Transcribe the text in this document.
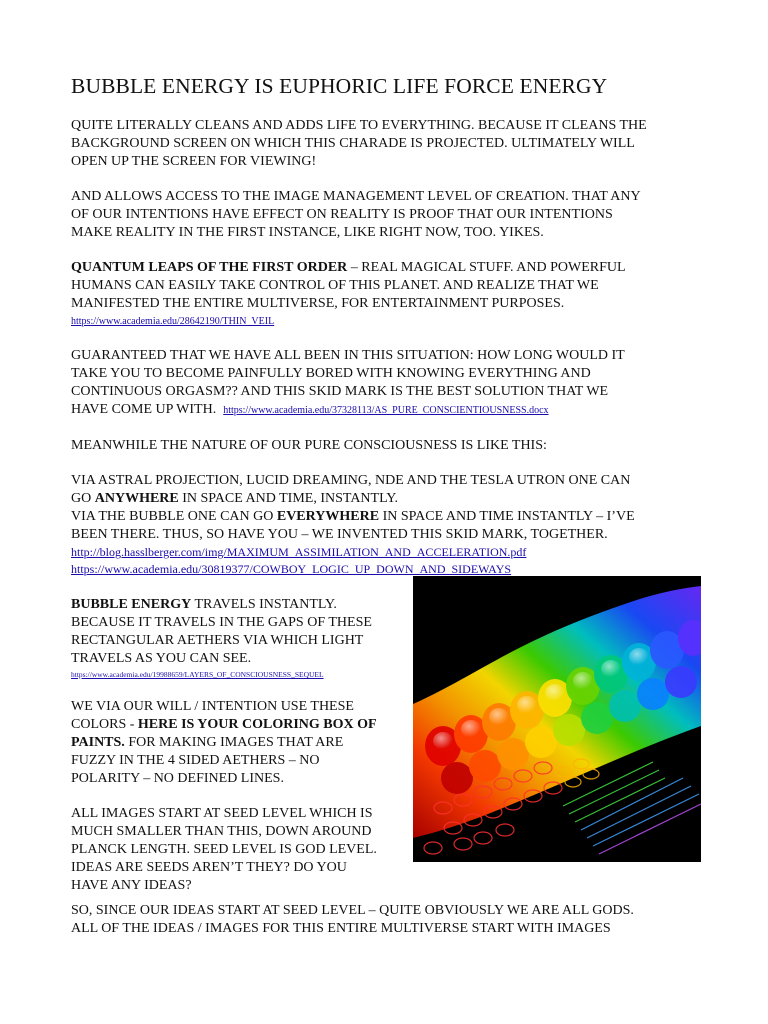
BUBBLE ENERGY IS EUPHORIC LIFE FORCE ENERGY

QUITE LITERALLY CLEANS AND ADDS LIFE TO EVERYTHING. BECAUSE IT CLEANS THE
BACKGROUND SCREEN ON WHICH THIS CHARADE IS PROJECTED. ULTIMATELY WILL
OPEN UP THE SCREEN FOR VIEWING!

AND ALLOWS ACCESS TO THE IMAGE MANAGEMENT LEVEL OF CREATION. THAT ANY
OF OUR INTENTIONS HAVE EFFECT ON REALITY IS PROOF THAT OUR INTENTIONS
MAKE REALITY IN THE FIRST INSTANCE, LIKE RIGHT NOW, TOO. YIKES.

QUANTUM LEAPS OF THE FIRST ORDER – REAL MAGICAL STUFF. AND POWERFUL
HUMANS CAN EASILY TAKE CONTROL OF THIS PLANET. AND REALIZE THAT WE
MANIFESTED THE ENTIRE MULTIVERSE, FOR ENTERTAINMENT PURPOSES.
https://www.academia.edu/28642190/THIN_VEIL

GUARANTEED THAT WE HAVE ALL BEEN IN THIS SITUATION: HOW LONG WOULD IT
TAKE YOU TO BECOME PAINFULLY BORED WITH KNOWING EVERYTHING AND
CONTINUOUS ORGASM?? AND THIS SKID MARK IS THE BEST SOLUTION THAT WE
HAVE COME UP WITH. https://www.academia.edu/37328113/AS_PURE_CONSCIENTIOUSNESS.docx

MEANWHILE THE NATURE OF OUR PURE CONSCIOUSNESS IS LIKE THIS:

VIA ASTRAL PROJECTION, LUCID DREAMING, NDE AND THE TESLA UTRON ONE CAN
GO ANYWHERE IN SPACE AND TIME, INSTANTLY.
VIA THE BUBBLE ONE CAN GO EVERYWHERE IN SPACE AND TIME INSTANTLY – I’VE
BEEN THERE. THUS, SO HAVE YOU – WE INVENTED THIS SKID MARK, TOGETHER.
http://blog.hasslberger.com/img/MAXIMUM_ASSIMILATION_AND_ACCELERATION.pdf
https://www.academia.edu/30819377/COWBOY_LOGIC_UP_DOWN_AND_SIDEWAYS

BUBBLE ENERGY TRAVELS INSTANTLY.
BECAUSE IT TRAVELS IN THE GAPS OF THESE
RECTANGULAR AETHERS VIA WHICH LIGHT
TRAVELS AS YOU CAN SEE.
https://www.academia.edu/19988659/LAYERS_OF_CONSCIOUSNESS_SEQUEL

WE VIA OUR WILL / INTENTION USE THESE
COLORS - HERE IS YOUR COLORING BOX OF
PAINTS. FOR MAKING IMAGES THAT ARE
FUZZY IN THE 4 SIDED AETHERS – NO
POLARITY – NO DEFINED LINES.

ALL IMAGES START AT SEED LEVEL WHICH IS
MUCH SMALLER THAN THIS, DOWN AROUND
PLANCK LENGTH. SEED LEVEL IS GOD LEVEL.
IDEAS ARE SEEDS AREN’T THEY? DO YOU
HAVE ANY IDEAS?

SO, SINCE OUR IDEAS START AT SEED LEVEL – QUITE OBVIOUSLY WE ARE ALL GODS.
ALL OF THE IDEAS / IMAGES FOR THIS ENTIRE MULTIVERSE START WITH IMAGES
